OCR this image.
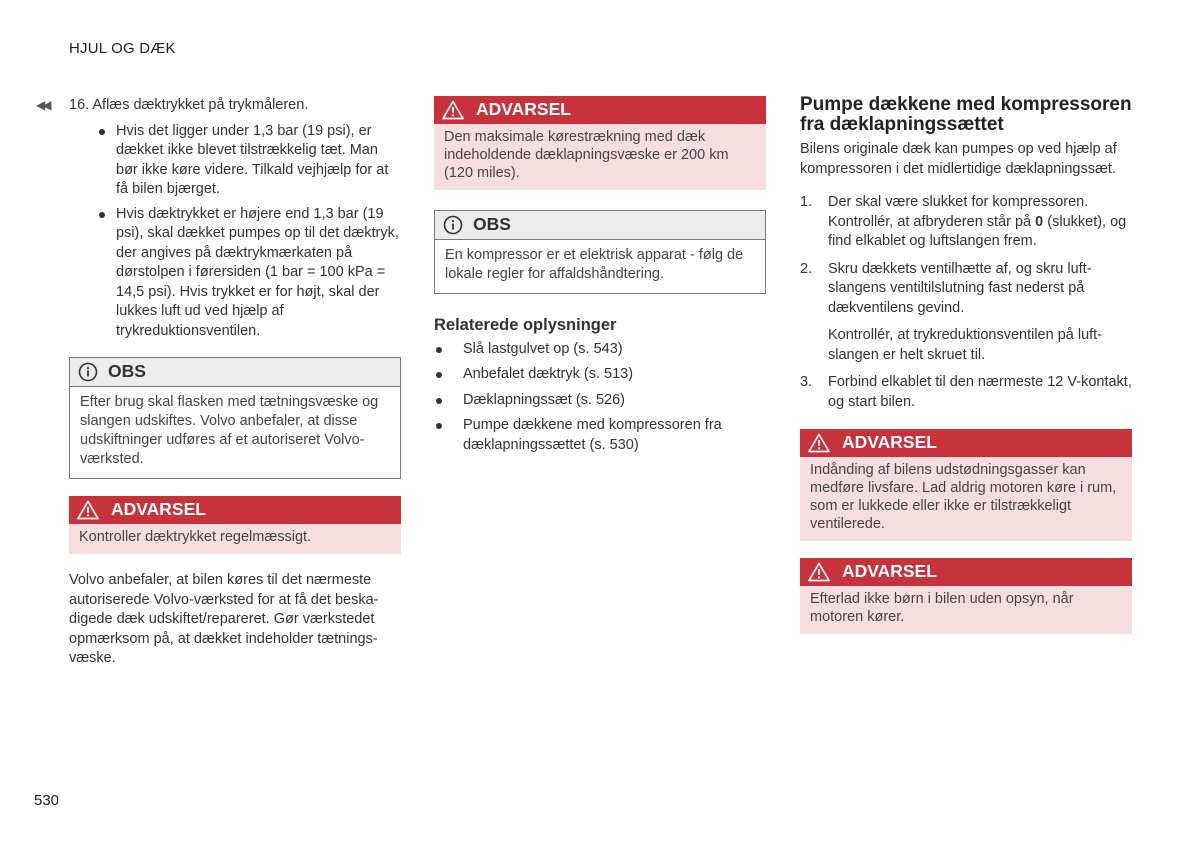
HJUL OG DÆK
◀◀ 16. Aflæs dæktrykket på trykmåleren.

Hvis det ligger under 1,3 bar (19 psi), er dækket ikke blevet tilstrækkelig tæt. Man bør ikke køre videre. Tilkald vejhjælp for at få bilen bjærget.
Hvis dæktrykket er højere end 1,3 bar (19 psi), skal dækket pumpes op til det dæktryk, der angives på dæktrykmærkaten på dørstolpen i førersiden (1 bar = 100 kPa = 14,5 psi). Hvis trykket er for højt, skal der lukkes luft ud ved hjælp af trykreduktionsventilen.
OBS
Efter brug skal flasken med tætningsvæske og slangen udskiftes. Volvo anbefaler, at disse udskiftninger udføres af et autoriseret Volvo-værksted.
ADVARSEL
Kontroller dæktrykket regelmæssigt.

Volvo anbefaler, at bilen køres til det nærmeste autoriserede Volvo-værksted for at få det beskadigede dæk udskiftet/repareret. Gør værkstedet opmærksom på, at dækket indeholder tætningsvæske.

ADVARSEL
Den maksimale kørestrækning med dæk indeholdende dæklapningsvæske er 200 km (120 miles).
OBS
En kompressor er et elektrisk apparat - følg de lokale regler for affaldshåndtering.
Relaterede oplysninger
Slå lastgulvet op (s. 543)
Anbefalet dæktryk (s. 513)
Dæklapningssæt (s. 526)
Pumpe dækkene med kompressoren fra dæklapningssættet (s. 530)
Pumpe dækkene med kompressoren fra dæklapningssættet

Bilens originale dæk kan pumpes op ved hjælp af kompressoren i det midlertidige dæklapningssæt.

1. Der skal være slukket for kompressoren. Kontrollér, at afbryderen står på 0 (slukket), og find elkablet og luftslangen frem.
2. Skru dækkets ventilhætte af, og skru luftslangens ventiltilslutning fast nederst på dækventilens gevind.
Kontrollér, at trykreduktionsventilen på luftslangen er helt skruet til.
3. Forbind elkablet til den nærmeste 12 V-kontakt, og start bilen.
ADVARSEL
Indånding af bilens udstødningsgasser kan medføre livsfare. Lad aldrig motoren køre i rum, som er lukkede eller ikke er tilstrækkeligt ventilerede.
ADVARSEL
Efterlad ikke børn i bilen uden opsyn, når motoren kører.
530
